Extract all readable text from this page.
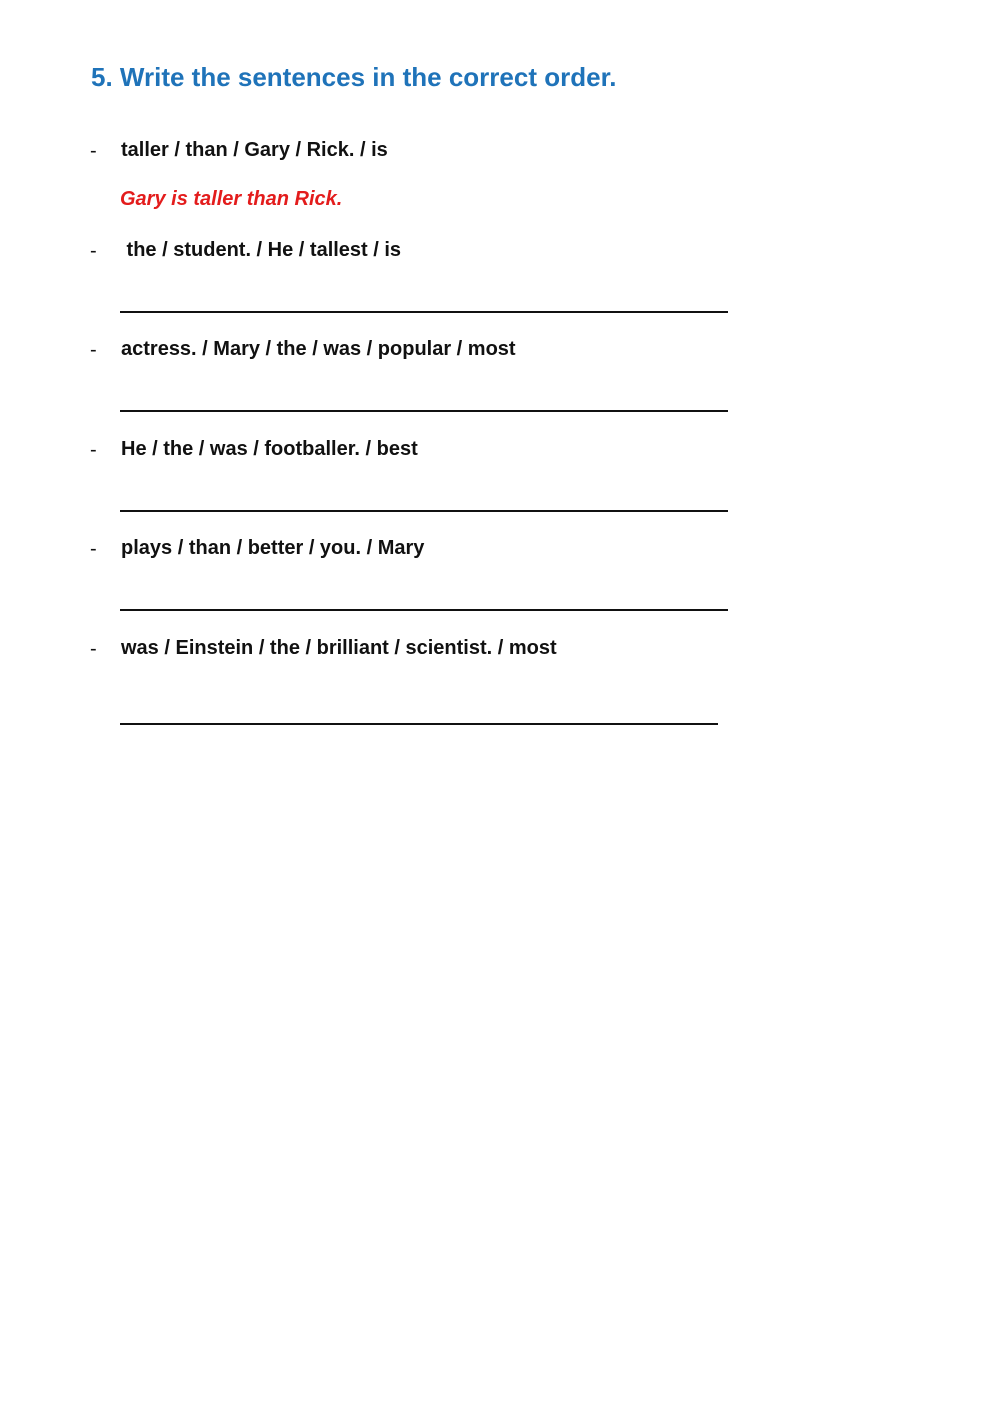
5. Write the sentences in the correct order.
- taller / than / Gary / Rick. / is
Gary is taller than Rick.
- the / student. / He / tallest / is
- actress. / Mary / the / was / popular / most
- He / the / was / footballer. / best
- plays / than / better / you. / Mary
- was / Einstein / the / brilliant / scientist. / most
